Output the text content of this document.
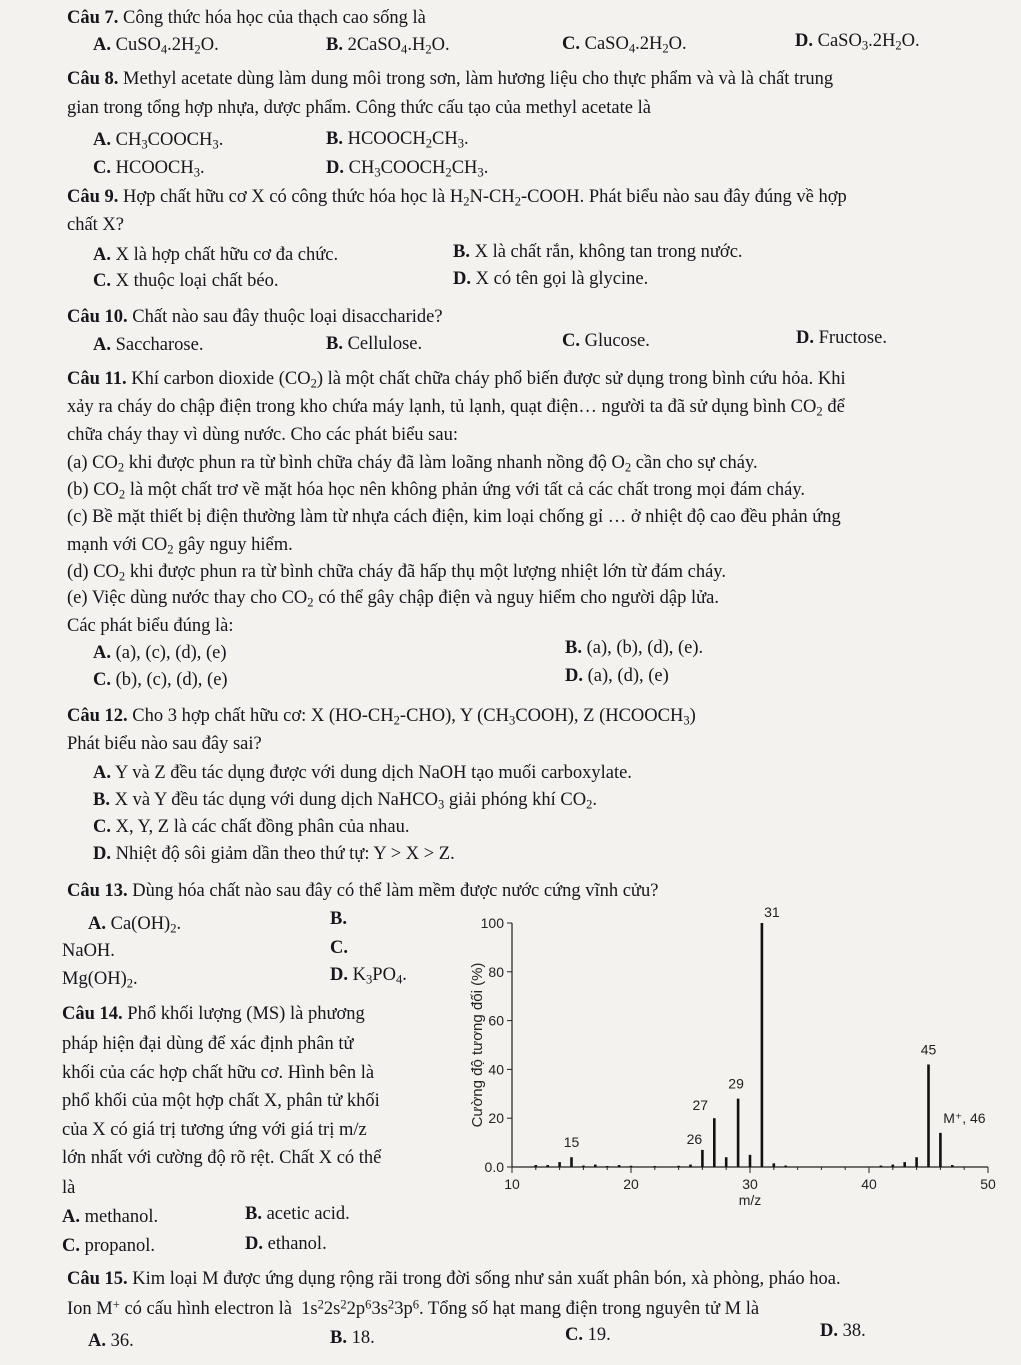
Câu 7. Công thức hóa học của thạch cao sống là
A. $CuSO_4.2H_2O$.	B. $2CaSO_4.H_2O$.	C. $CaSO_4.2H_2O$.	D. $CaSO_3.2H_2O$.
Câu 8. Methyl acetate dùng làm dung môi trong sơn, làm hương liệu cho thực phẩm và và là chất trung
gian trong tổng hợp nhựa, dược phẩm. Công thức cấu tạo của methyl acetate là
A. $CH_3COOCH_3$.	B. $HCOOCH_2CH_3$.
C. $HCOOCH_3$.	D. $CH_3COOCH_2CH_3$.
Câu 9. Hợp chất hữu cơ X có công thức hóa học là $H_2N-CH_2$-COOH. Phát biểu nào sau đây đúng về hợp
chất X?
A. X là hợp chất hữu cơ đa chức.	B. X là chất rắn, không tan trong nước.
C. X thuộc loại chất béo.	D. X có tên gọi là glycine.
Câu 10. Chất nào sau đây thuộc loại disaccharide?
A. Saccharose.	B. Cellulose.	C. Glucose.	D. Fructose.
Câu 11. Khí carbon dioxide $(CO_2)$ là một chất chữa cháy phổ biến được sử dụng trong bình cứu hỏa. Khi
xảy ra cháy do chập điện trong kho chứa máy lạnh, tủ lạnh, quạt điện… người ta đã sử dụng bình $CO_2$ để
chữa cháy thay vì dùng nước. Cho các phát biểu sau:
(a) $CO_2$ khi được phun ra từ bình chữa cháy đã làm loãng nhanh nồng độ $O_2$ cần cho sự cháy.
(b) $CO_2$ là một chất trơ về mặt hóa học nên không phản ứng với tất cả các chất trong mọi đám cháy.
(c) Bề mặt thiết bị điện thường làm từ nhựa cách điện, kim loại chống gỉ … ở nhiệt độ cao đều phản ứng
mạnh với $CO_2$ gây nguy hiểm.
(d) $CO_2$ khi được phun ra từ bình chữa cháy đã hấp thụ một lượng nhiệt lớn từ đám cháy.
(e) Việc dùng nước thay cho $CO_2$ có thể gây chập điện và nguy hiểm cho người dập lửa.
Các phát biểu đúng là:
A. (a), (c), (d), (e)	B. (a), (b), (d), (e).
C. (b), (c), (d), (e)	D. (a), (d), (e)
Câu 12. Cho 3 hợp chất hữu cơ: X $(HO-CH_2-CHO)$, Y $(CH_3COOH)$, Z $(HCOOCH_3)$
Phát biểu nào sau đây sai?
A. Y và Z đều tác dụng được với dung dịch NaOH tạo muối carboxylate.
B. X và Y đều tác dụng với dung dịch NaHCO$_3$ giải phóng khí $CO_2$.
C. X, Y, Z là các chất đồng phân của nhau.
D. Nhiệt độ sôi giảm dần theo thứ tự: Y > X > Z.
Câu 13. Dùng hóa chất nào sau đây có thể làm mềm được nước cứng vĩnh cửu?
A. $Ca(OH)_2$.	B.
NaOH.	C.
$Mg(OH)_2$.	D. $K_3PO_4$.
Câu 14. Phổ khối lượng (MS) là phương
pháp hiện đại dùng để xác định phân tử
khối của các hợp chất hữu cơ. Hình bên là
phổ khối của một hợp chất X, phân tử khối
của X có giá trị tương ứng với giá trị m/z
lớn nhất với cường độ rõ rệt. Chất X có thể
là
A. methanol.	B. acetic acid.
C. propanol.	D. ethanol.
0.0
20
40
60
80
100
10	20	30	40	50
m/z
Cường độ tương đối (%)
15	26
27
29
31
45
M⁺, 46
Câu 15. Kim loại M được ứng dụng rộng rãi trong đời sống như sản xuất phân bón, xà phòng, pháo hoa.
Ion M+ có cấu hình electron là $1s^22s^22p^63s^23p^6$. Tổng số hạt mang điện trong nguyên tử M là
A. 36.	B. 18.	C. 19.	D. 38.
